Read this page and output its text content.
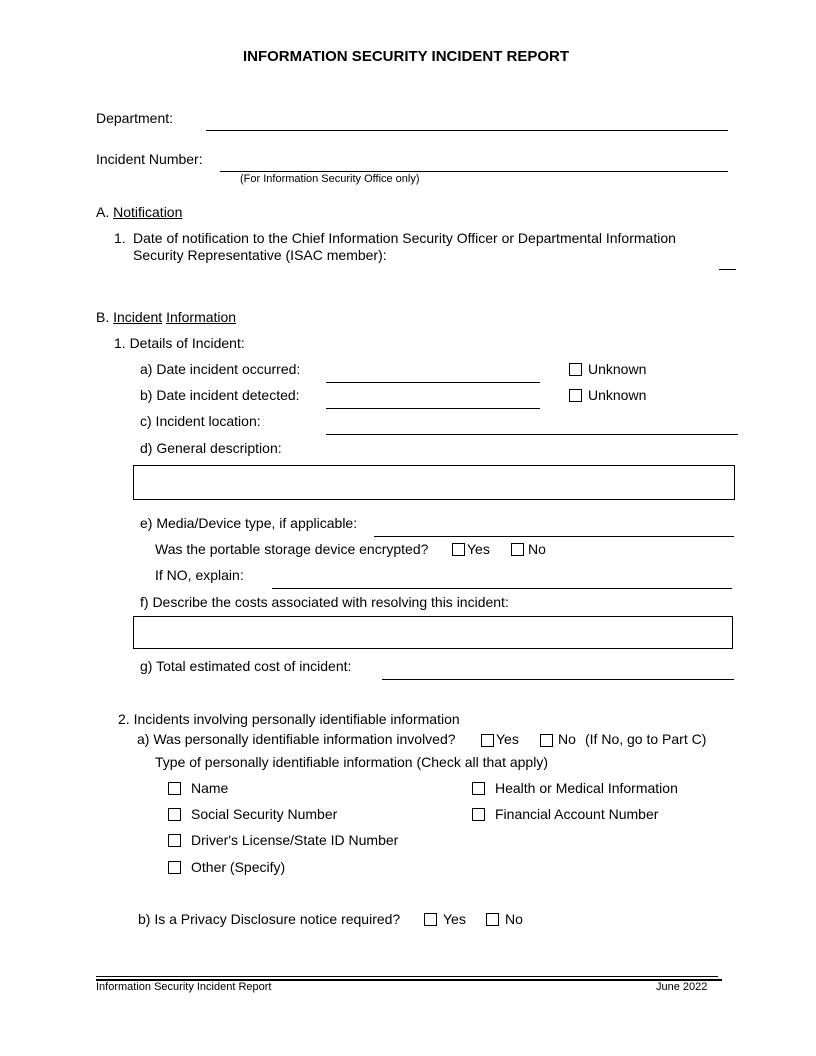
INFORMATION SECURITY INCIDENT REPORT
Department:
Incident Number:
(For Information Security Office only)
A. Notification
1. Date of notification to the Chief Information Security Officer or Departmental Information
Security Representative (ISAC member):
B. Incident Information
1. Details of Incident:
a) Date incident occurred:	Unknown
b) Date incident detected:	Unknown
c) Incident location:
d) General description:
e) Media/Device type, if applicable:
Was the portable storage device encrypted?	Yes	No
If NO, explain:
f) Describe the costs associated with resolving this incident:
g) Total estimated cost of incident:
2. Incidents involving personally identifiable information
a) Was personally identifiable information involved?	Yes	No (If No, go to Part C)
Type of personally identifiable information (Check all that apply)
Name	Health or Medical Information
Social Security Number	Financial Account Number
Driver's License/State ID Number
Other (Specify)
b) Is a Privacy Disclosure notice required?	Yes	No
Information Security Incident Report	June 2022
